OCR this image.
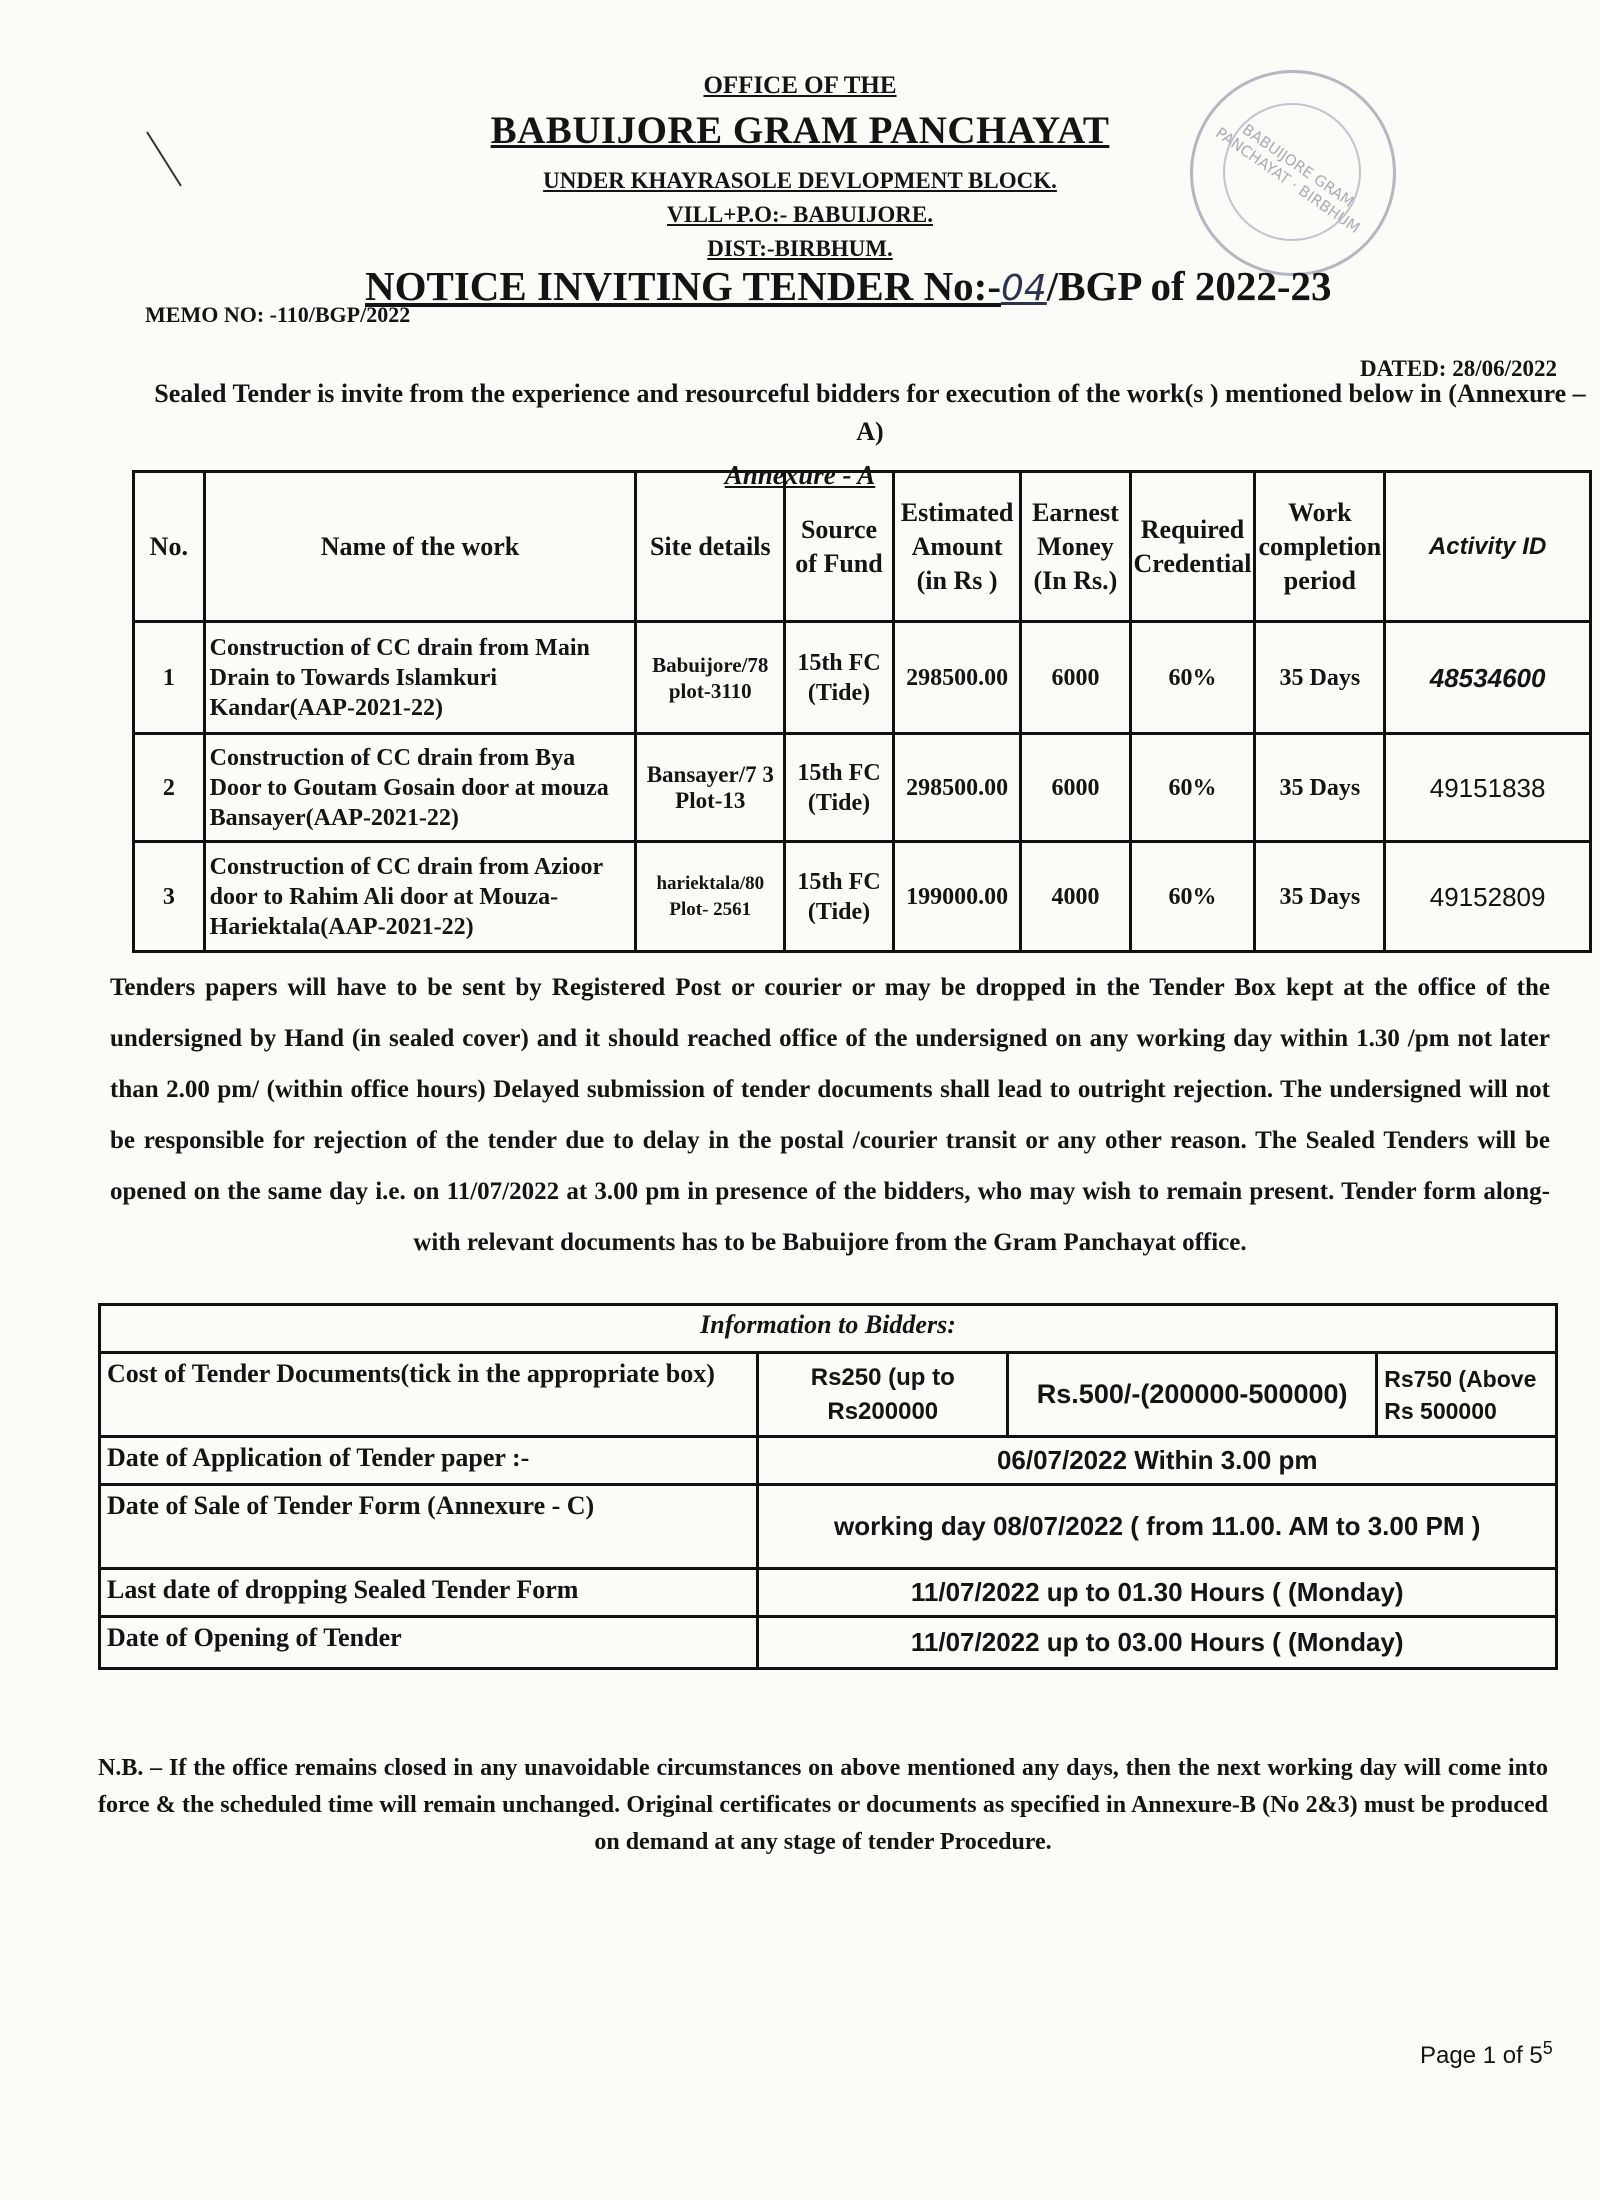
BABUIJORE GRAM PANCHAYAT · BIRBHUM
OFFICE OF THE
BABUIJORE GRAM PANCHAYAT
UNDER KHAYRASOLE DEVLOPMENT BLOCK.
VILL+P.O:- BABUIJORE.
DIST:-BIRBHUM.
NOTICE INVITING TENDER No:-04/BGP of 2022-23
MEMO NO: -110/BGP/2022
DATED: 28/06/2022
Sealed Tender is invite from the experience and resourceful bidders for execution of the work(s ) mentioned below in (Annexure – A)
Annexure - A
No.	Name of the work	Site details	Source of Fund	Estimated Amount (in Rs )	Earnest Money (In Rs.)	Required Credential	Work completion period	Activity ID
1	Construction of CC drain from Main Drain to Towards Islamkuri Kandar(AAP-2021-22)	Babuijore/78 plot-3110	15th FC (Tide)	298500.00	6000	60%	35 Days	48534600
2	Construction of CC drain from Bya Door to Goutam Gosain door at mouza Bansayer(AAP-2021-22)	Bansayer/7 3 Plot-13	15th FC (Tide)	298500.00	6000	60%	35 Days	49151838
3	Construction of CC drain from Azioor door to Rahim Ali door at Mouza-Hariektala(AAP-2021-22)	hariektala/80 Plot- 2561	15th FC (Tide)	199000.00	4000	60%	35 Days	49152809
Tenders papers will have to be sent by Registered Post or courier or may be dropped in the Tender Box kept at the office of the undersigned by Hand (in sealed cover) and it should reached office of the undersigned on any working day within 1.30 /pm not later than 2.00 pm/ (within office hours) Delayed submission of tender documents shall lead to outright rejection. The undersigned will not be responsible for rejection of the tender due to delay in the postal /courier transit or any other reason. The Sealed Tenders will be opened on the same day i.e. on 11/07/2022 at 3.00 pm in presence of the bidders, who may wish to remain present. Tender form along-with relevant documents has to be Babuijore from the Gram Panchayat office.
Information to Bidders:			
Cost of Tender Documents(tick in the appropriate box)	Rs250 (up to Rs200000	Rs.500/-(200000-500000)	Rs750 (Above Rs 500000
Date of Application of Tender paper :-	06/07/2022 Within 3.00 pm		
Date of Sale of Tender Form (Annexure - C)	working day 08/07/2022 ( from 11.00. AM to 3.00 PM )		
Last date of dropping Sealed Tender Form	11/07/2022 up to 01.30 Hours ( (Monday)		
Date of Opening of Tender	11/07/2022 up to 03.00 Hours ( (Monday)		
N.B. – If the office remains closed in any unavoidable circumstances on above mentioned any days, then the next working day will come into force & the scheduled time will remain unchanged. Original certificates or documents as specified in Annexure-B (No 2&3) must be produced on demand at any stage of tender Procedure.
Page 1 of $5^5$
